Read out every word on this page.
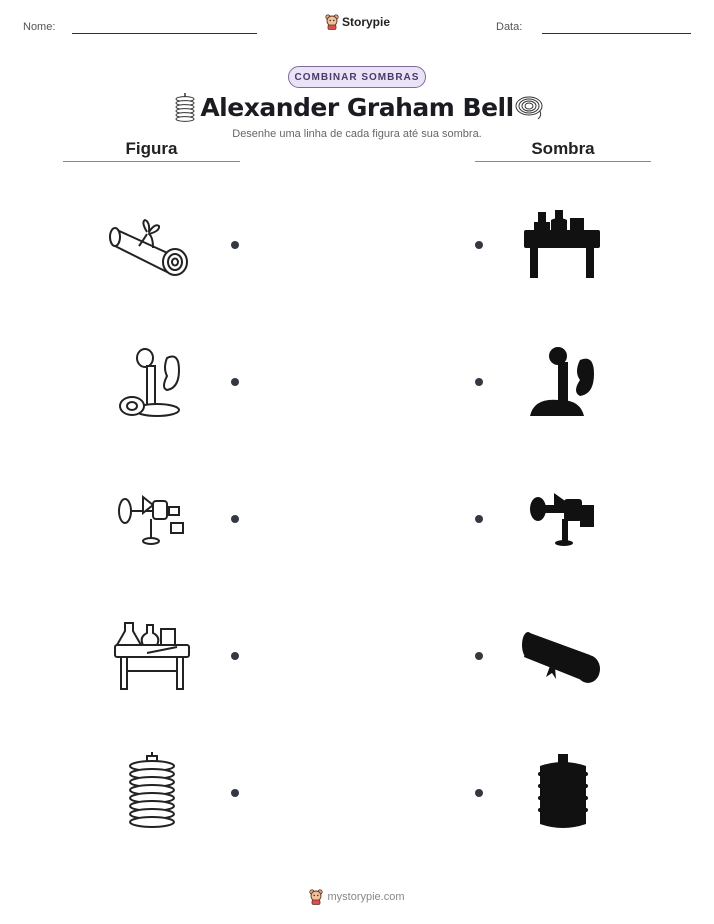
Nome:	Storypie	Data:
COMBINAR SOMBRAS
Alexander Graham Bell
Desenhe uma linha de cada figura até sua sombra.
Figura	Sombra
mystorypie.com
